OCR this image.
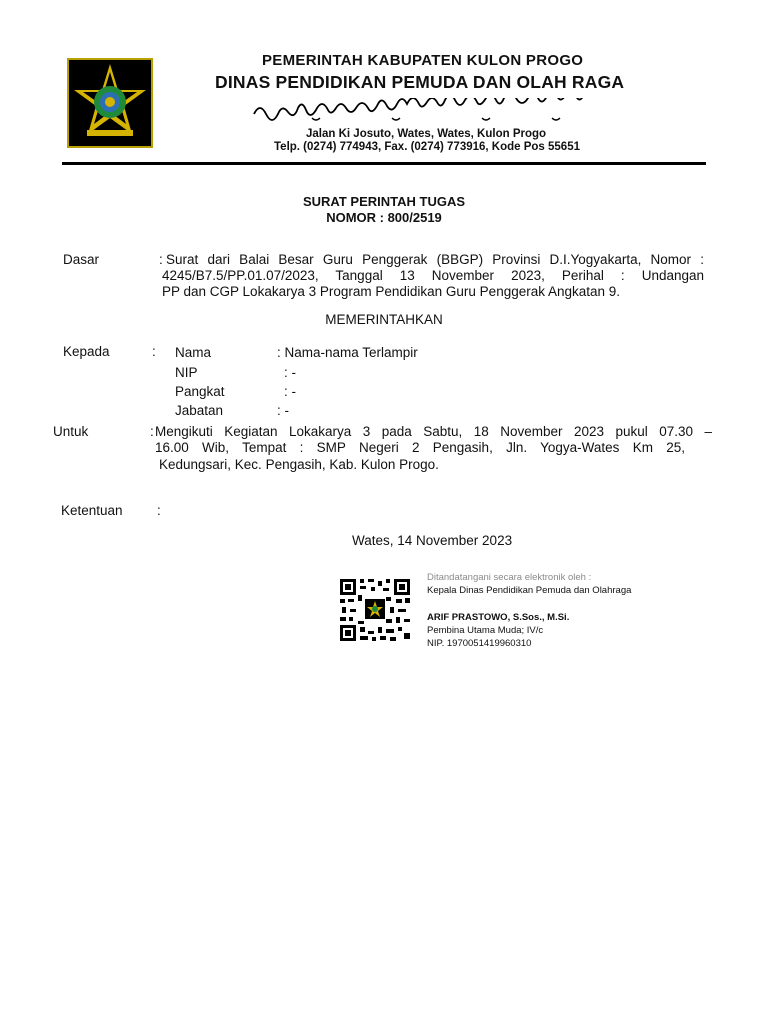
PEMERINTAH KABUPATEN KULON PROGO
DINAS PENDIDIKAN PEMUDA DAN OLAH RAGA
Jalan Ki Josuto, Wates, Wates, Kulon Progo
Telp. (0274) 774943, Fax. (0274) 773916, Kode Pos 55651
SURAT PERINTAH TUGAS
NOMOR : 800/2519
Dasar	: Surat dari Balai Besar Guru Penggerak (BBGP) Provinsi D.I.Yogyakarta, Nomor :
4245/B7.5/PP.01.07/2023, Tanggal 13 November 2023, Perihal : Undangan
PP dan CGP Lokakarya 3 Program Pendidikan Guru Penggerak Angkatan 9.
MEMERINTAHKAN
Kepada	: Nama	: Nama-nama Terlampir
NIP	: -
Pangkat	: -
Jabatan	: -
Untuk	: Mengikuti Kegiatan Lokakarya 3 pada Sabtu, 18 November 2023 pukul 07.30 –
16.00 Wib, Tempat : SMP Negeri 2 Pengasih, Jln. Yogya-Wates Km 25,
Kedungsari, Kec. Pengasih, Kab. Kulon Progo.
Ketentuan	:
Wates, 14 November 2023
Ditandatangani secara elektronik oleh :
Kepala Dinas Pendidikan Pemuda dan Olahraga
ARIF PRASTOWO, S.Sos., M.Si.
Pembina Utama Muda; IV/c
NIP. 1970051419960310
